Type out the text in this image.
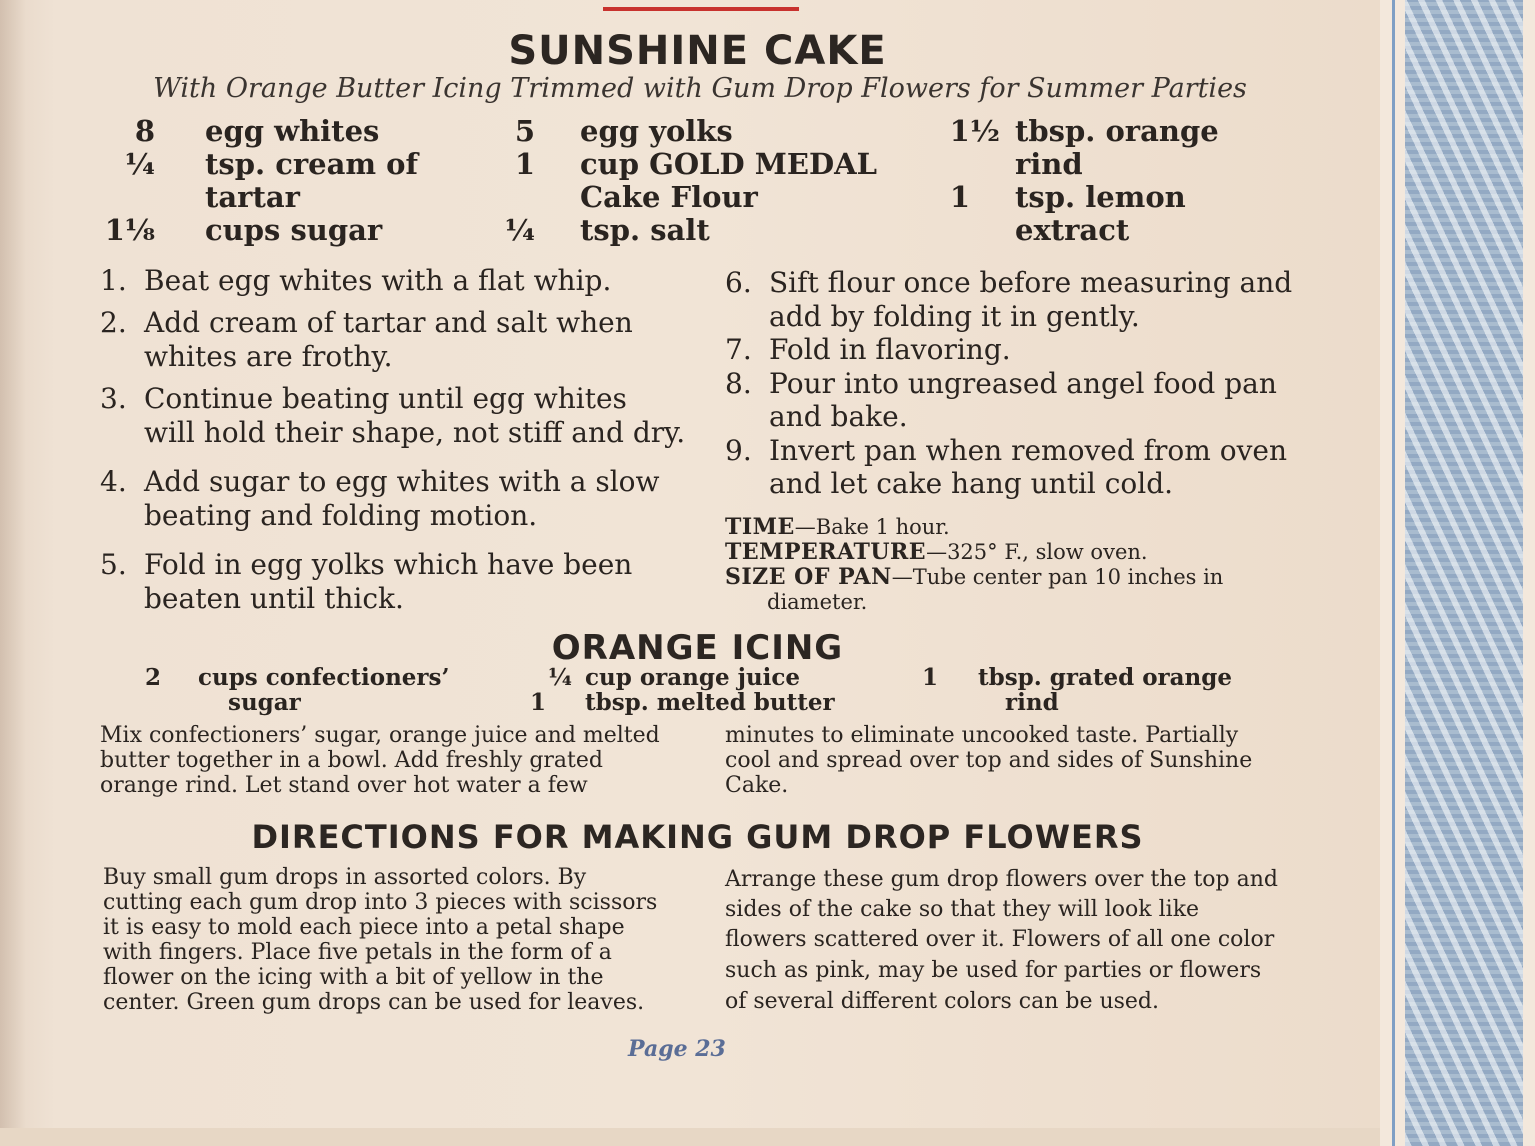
SUNSHINE CAKE
With Orange Butter Icing Trimmed with Gum Drop Flowers for Summer Parties
8 egg whites
¼ tsp. cream of
tartar
1⅛ cups sugar
5 egg yolks
1 cup GOLD MEDAL
Cake Flour
¼ tsp. salt
1½ tbsp. orange
rind
1 tsp. lemon
extract
1. Beat egg whites with a flat whip.
2. Add cream of tartar and salt when
whites are frothy.
3. Continue beating until egg whites
will hold their shape, not stiff and dry.
4. Add sugar to egg whites with a slow
beating and folding motion.
5. Fold in egg yolks which have been
beaten until thick.
6. Sift flour once before measuring and
add by folding it in gently.
7. Fold in flavoring.
8. Pour into ungreased angel food pan
and bake.
9. Invert pan when removed from oven
and let cake hang until cold.
TIME—Bake 1 hour.
TEMPERATURE—325° F., slow oven.
SIZE OF PAN—Tube center pan 10 inches in
diameter.
ORANGE ICING
2 cups confectioners’
sugar
¼ cup orange juice
1 tbsp. melted butter
1 tbsp. grated orange
rind
Mix confectioners’ sugar, orange juice and melted
butter together in a bowl. Add freshly grated
orange rind. Let stand over hot water a few
minutes to eliminate uncooked taste. Partially
cool and spread over top and sides of Sunshine
Cake.
DIRECTIONS FOR MAKING GUM DROP FLOWERS
Buy small gum drops in assorted colors. By
cutting each gum drop into 3 pieces with scissors
it is easy to mold each piece into a petal shape
with fingers. Place five petals in the form of a
flower on the icing with a bit of yellow in the
center. Green gum drops can be used for leaves.
Arrange these gum drop flowers over the top and
sides of the cake so that they will look like
flowers scattered over it. Flowers of all one color
such as pink, may be used for parties or flowers
of several different colors can be used.
Page 23
